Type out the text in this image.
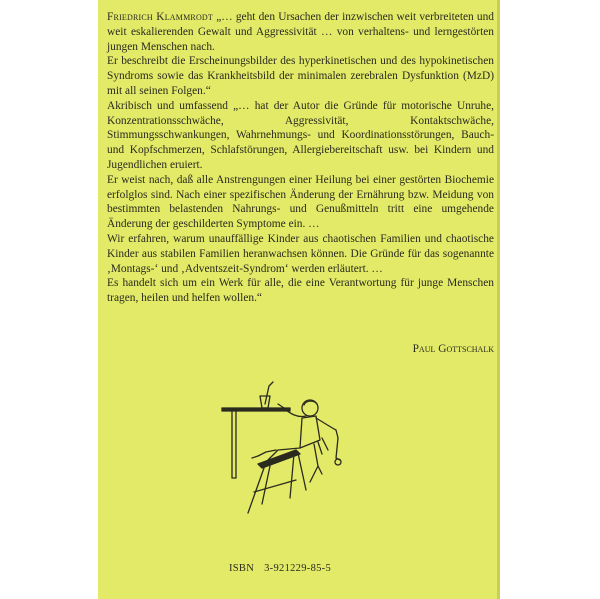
Friedrich Klammrodt „… geht den Ursachen der inzwischen weit verbreiteten und weit eskalierenden Gewalt und Aggressivität … von verhaltens- und lerngestörten jungen Menschen nach.

Er beschreibt die Erscheinungsbilder des hyperkinetischen und des hypokinetischen Syndroms sowie das Krankheitsbild der minimalen zerebralen Dysfunktion (MzD) mit all seinen Folgen.“

Akribisch und umfassend „… hat der Autor die Gründe für motorische Unruhe, Konzentrationsschwäche, Aggressivität, Kontaktschwäche, Stimmungsschwankungen, Wahrnehmungs- und Koordinationsstörungen, Bauch- und Kopfschmerzen, Schlafstörungen, Allergiebereitschaft usw. bei Kindern und Jugendlichen eruiert.

Er weist nach, daß alle Anstrengungen einer Heilung bei einer gestörten Biochemie erfolglos sind. Nach einer spezifischen Änderung der Ernährung bzw. Meidung von bestimmten belastenden Nahrungs- und Genußmitteln tritt eine umgehende Änderung der geschilderten Symptome ein. …

Wir erfahren, warum unauffällige Kinder aus chaotischen Familien und chaotische Kinder aus stabilen Familien heranwachsen können. Die Gründe für das sogenannte ‚Montags-‘ und ‚Adventszeit-Syndrom‘ werden erläutert. …

Es handelt sich um ein Werk für alle, die eine Verantwortung für junge Menschen tragen, heilen und helfen wollen.“

Paul Gottschalk
ISBN 3-921229-85-5
